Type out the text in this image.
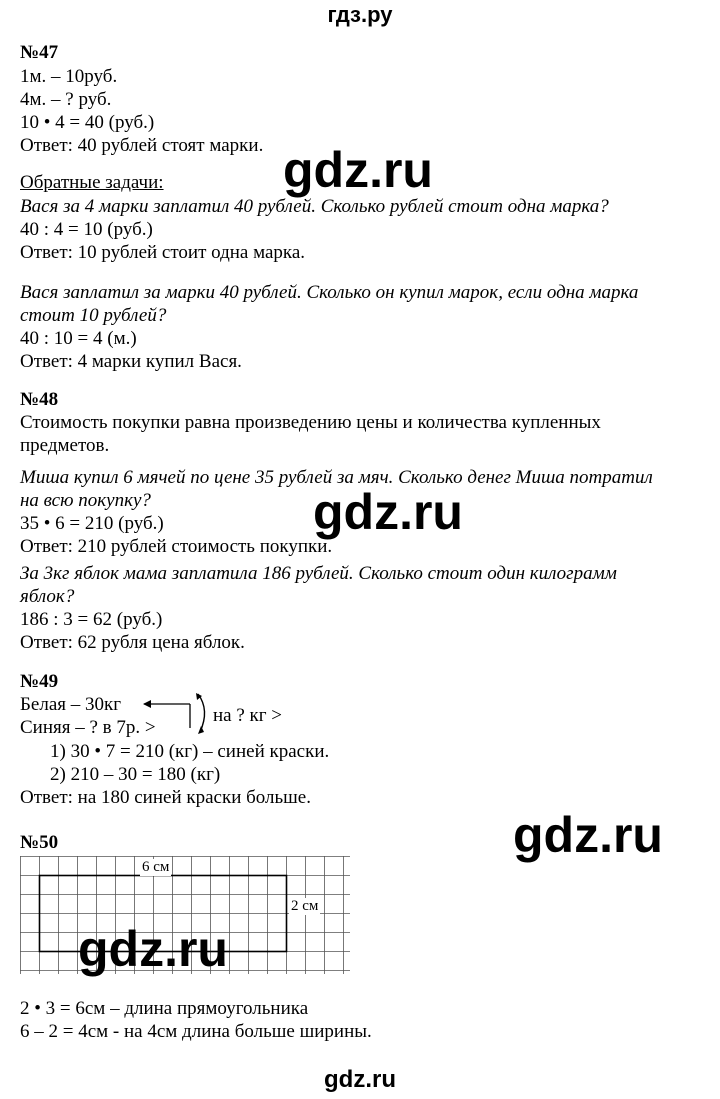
гдз.ру

№47

1м. – 10руб.

4м. – ? руб.

10 • 4 = 40 (руб.)

Ответ: 40 рублей стоят марки.

Обратные задачи:

Вася за 4 марки заплатил 40 рублей. Сколько рублей стоит одна марка?

40 : 4 = 10 (руб.)

Ответ: 10 рублей стоит одна марка.

Вася заплатил за марки 40 рублей. Сколько он купил марок, если одна марка

стоит 10 рублей?

40 : 10 = 4 (м.)

Ответ: 4 марки купил Вася.

№48

Стоимость покупки равна произведению цены и количества купленных

предметов.

Миша купил 6 мячей по цене 35 рублей за мяч. Сколько денег Миша потратил

на всю покупку?

35 • 6 = 210 (руб.)

Ответ: 210 рублей стоимость покупки.

За 3кг яблок мама заплатила 186 рублей. Сколько стоит один килограмм

яблок?

186 : 3 = 62 (руб.)

Ответ: 62 рубля цена яблок.

№49

Белая – 30кг

Синяя – ? в 7р. >

на ? кг >

1) 30 • 7 = 210 (кг) – синей краски.

2) 210 – 30 = 180 (кг)

Ответ: на 180 синей краски больше.

№50

6 см
2 см

2 • 3 = 6см – длина прямоугольника

6 – 2 = 4см - на 4см длина больше ширины.

gdz.ru
gdz.ru
gdz.ru
gdz.ru
gdz.ru
